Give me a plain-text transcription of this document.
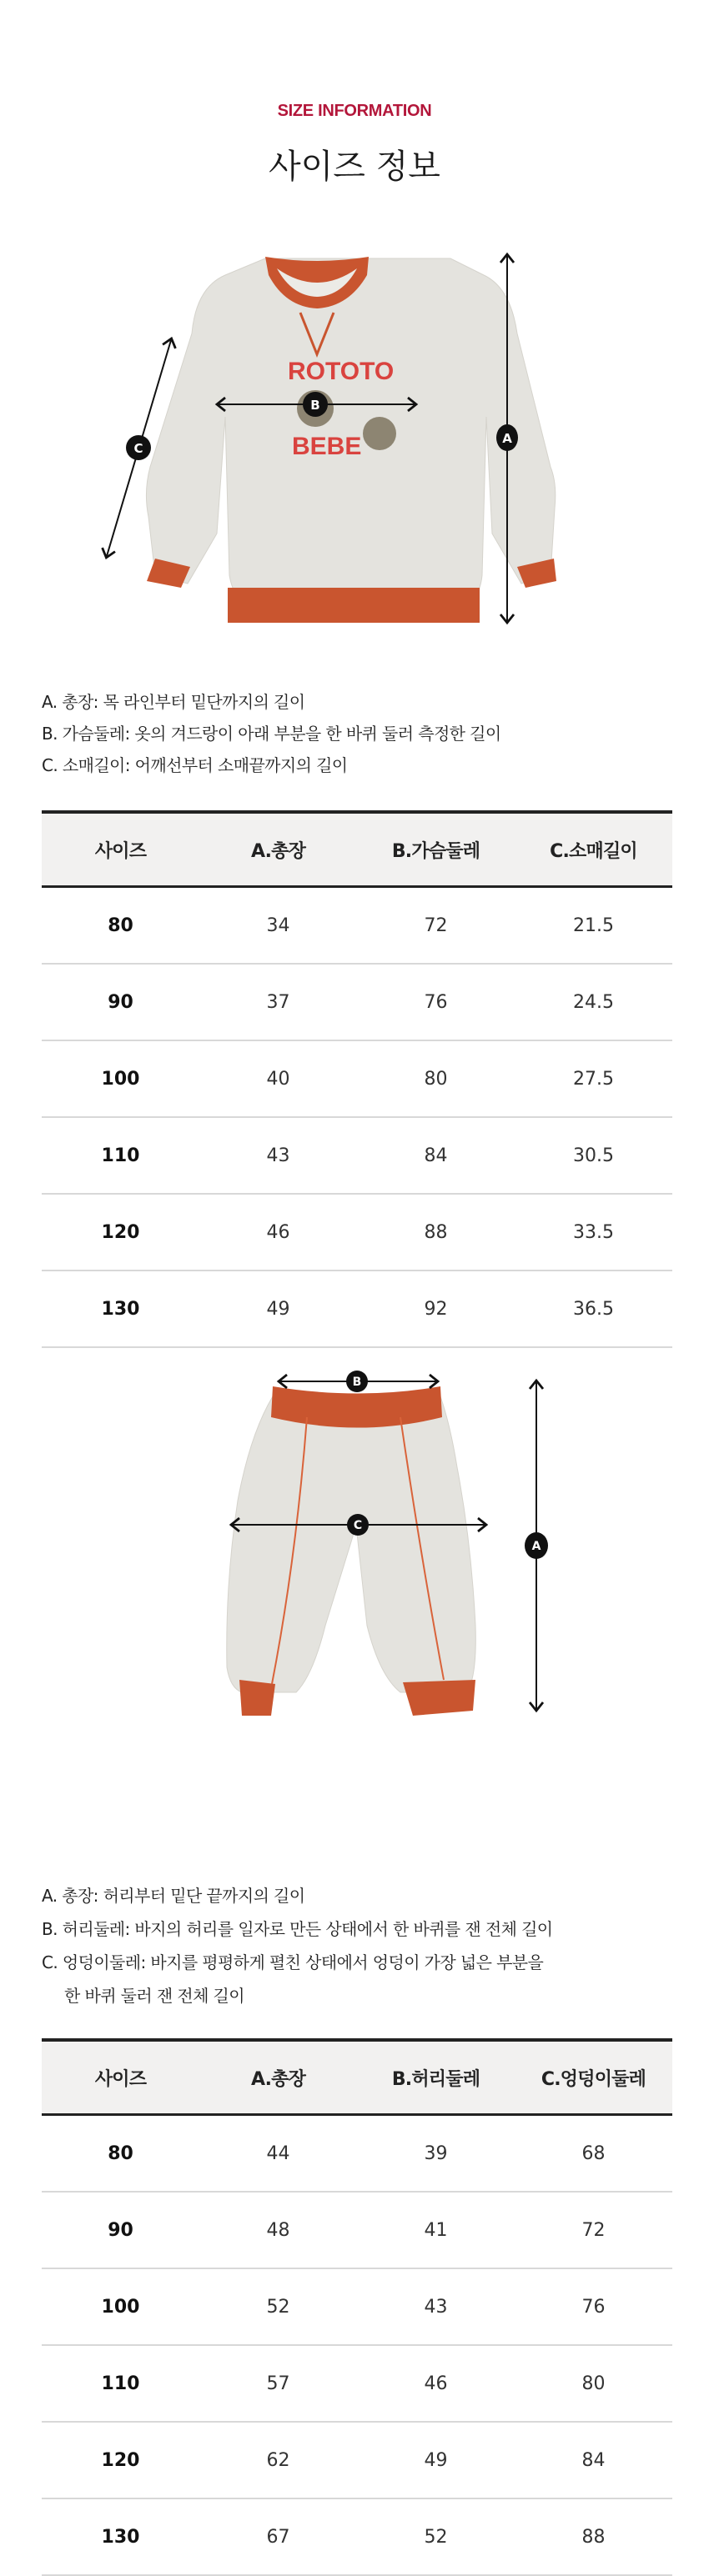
SIZE INFORMATION
사이즈 정보
ROTOTO
BEBE	A
B
C
A. 총장: 목 라인부터 밑단까지의 길이
B. 가슴둘레: 옷의 겨드랑이 아래 부분을 한 바퀴 둘러 측정한 길이
C. 소매길이: 어깨선부터 소매끝까지의 길이
사이즈	A.총장	B.가슴둘레	C.소매길이
80	34	72	21.5
90	37	76	24.5
100	40	80	27.5
110	43	84	30.5
120	46	88	33.5
130	49	92	36.5
B
C
A
A. 총장: 허리부터 밑단 끝까지의 길이
B. 허리둘레: 바지의 허리를 일자로 만든 상태에서 한 바퀴를 잰 전체 길이
C. 엉덩이둘레: 바지를 평평하게 펼친 상태에서 엉덩이 가장 넓은 부분을
한 바퀴 둘러 잰 전체 길이
사이즈	A.총장	B.허리둘레	C.엉덩이둘레
80	44	39	68
90	48	41	72
100	52	43	76
110	57	46	80
120	62	49	84
130	67	52	88
